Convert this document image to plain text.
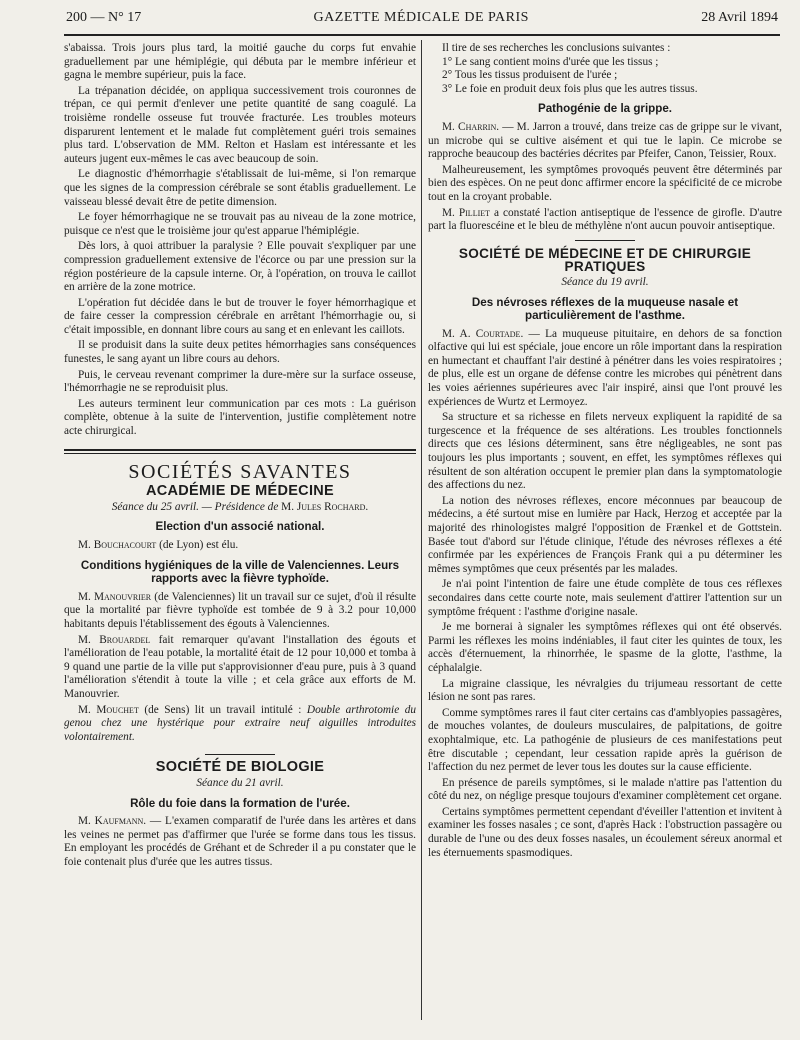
200 — N° 17	GAZETTE MÉDICALE DE PARIS	28 Avril 1894

s'abaissa. Trois jours plus tard, la moitié gauche du corps fut envahie graduellement par une hémiplégie, qui débuta par le membre inférieur et gagna le membre supérieur, puis la face.

La trépanation décidée, on appliqua successivement trois couronnes de trépan, ce qui permit d'enlever une petite quantité de sang coagulé. La troisième rondelle osseuse fut trouvée fracturée. Les troubles moteurs disparurent lentement et le malade fut complètement guéri trois semaines plus tard. L'observation de MM. Relton et Haslam est intéressante et les auteurs jugent eux-mêmes le cas avec beaucoup de soin.

Le diagnostic d'hémorrhagie s'établissait de lui-même, si l'on remarque que les signes de la compression cérébrale se sont établis graduellement. Le vaisseau blessé devait être de petite dimension.

Le foyer hémorrhagique ne se trouvait pas au niveau de la zone motrice, puisque ce n'est que le troisième jour qu'est apparue l'hémiplégie.

Dès lors, à quoi attribuer la paralysie ? Elle pouvait s'expliquer par une compression graduellement extensive de l'écorce ou par une pression sur la région postérieure de la capsule interne. Or, à l'opération, on trouva le caillot en arrière de la zone motrice.

L'opération fut décidée dans le but de trouver le foyer hémorrhagique et de faire cesser la compression cérébrale en arrêtant l'hémorrhagie ou, si c'était impossible, en donnant libre cours au sang et en enlevant les caillots.

Il se produisit dans la suite deux petites hémorrhagies sans conséquences funestes, le sang ayant un libre cours au dehors.

Puis, le cerveau revenant comprimer la dure-mère sur la surface osseuse, l'hémorrhagie ne se reproduisit plus.

Les auteurs terminent leur communication par ces mots : La guérison complète, obtenue à la suite de l'intervention, justifie complètement notre acte chirurgical.

SOCIÉTÉS SAVANTES
ACADÉMIE DE MÉDECINE
Séance du 25 avril. — Présidence de M. Jules Rochard.
Election d'un associé national.

M. Bouchacourt (de Lyon) est élu.

Conditions hygiéniques de la ville de Valenciennes. Leurs rapports avec la fièvre typhoïde.

M. Manouvrier (de Valenciennes) lit un travail sur ce sujet, d'où il résulte que la mortalité par fièvre typhoïde est tombée de 9 à 3.2 pour 10,000 habitants depuis l'établissement des égouts à Valenciennes.

M. Brouardel fait remarquer qu'avant l'installation des égouts et l'amélioration de l'eau potable, la mortalité était de 12 pour 10,000 et tomba à 9 quand une partie de la ville put s'approvisionner d'eau pure, puis à 3 quand l'amélioration s'étendit à toute la ville ; et cela grâce aux efforts de M. Manouvrier.

M. Mouchet (de Sens) lit un travail intitulé : Double arthrotomie du genou chez une hystérique pour extraire neuf aiguilles introduites volontairement.

SOCIÉTÉ DE BIOLOGIE
Séance du 21 avril.
Rôle du foie dans la formation de l'urée.

M. Kaufmann. — L'examen comparatif de l'urée dans les artères et dans les veines ne permet pas d'affirmer que l'urée se forme dans tous les tissus. En employant les procédés de Gréhant et de Schreder il a pu constater que le foie contenait plus d'urée que les autres tissus.

Il tire de ses recherches les conclusions suivantes :

1° Le sang contient moins d'urée que les tissus ;

2° Tous les tissus produisent de l'urée ;

3° Le foie en produit deux fois plus que les autres tissus.

Pathogénie de la grippe.

M. Charrin. — M. Jarron a trouvé, dans treize cas de grippe sur le vivant, un microbe qui se cultive aisément et qui tue le lapin. Ce microbe se rapproche beaucoup des bactéries décrites par Pfeifer, Canon, Teissier, Roux.

Malheureusement, les symptômes provoqués peuvent être déterminés par bien des espèces. On ne peut donc affirmer encore la spécificité de ce microbe tout en la croyant probable.

M. Pilliet a constaté l'action antiseptique de l'essence de girofle. D'autre part la fluorescéine et le bleu de méthylène n'ont aucun pouvoir antiseptique.

SOCIÉTÉ DE MÉDECINE ET DE CHIRURGIE PRATIQUES
Séance du 19 avril.
Des névroses réflexes de la muqueuse nasale et particulièrement de l'asthme.

M. A. Courtade. — La muqueuse pituitaire, en dehors de sa fonction olfactive qui lui est spéciale, joue encore un rôle important dans la respiration en humectant et chauffant l'air destiné à pénétrer dans les voies respiratoires ; de plus, elle est un organe de défense contre les microbes qui pénètrent dans les voies aériennes supérieures avec l'air inspiré, ainsi que l'ont prouvé les expériences de Wurtz et Lermoyez.

Sa structure et sa richesse en filets nerveux expliquent la rapidité de sa turgescence et la fréquence de ses altérations. Les troubles fonctionnels directs que ces lésions déterminent, sans être négligeables, ne sont pas toujours les plus importants ; souvent, en effet, les symptômes réflexes qui résultent de son altération occupent le premier plan dans la symptomatologie des affections du nez.

La notion des névroses réflexes, encore méconnues par beaucoup de médecins, a été surtout mise en lumière par Hack, Herzog et acceptée par la majorité des rhinologistes malgré l'opposition de Frænkel et de Gottstein. Basée tout d'abord sur l'étude clinique, l'étude des névroses réflexes a été confirmée par les expériences de François Frank qui a pu déterminer les mêmes symptômes que ceux présentés par les malades.

Je n'ai point l'intention de faire une étude complète de tous ces réflexes secondaires dans cette courte note, mais seulement d'attirer l'attention sur un symptôme fréquent : l'asthme d'origine nasale.

Je me bornerai à signaler les symptômes réflexes qui ont été observés. Parmi les réflexes les moins indéniables, il faut citer les quintes de toux, les accès d'éternuement, la rhinorrhée, le spasme de la glotte, l'asthme, la céphalalgie.

La migraine classique, les névralgies du trijumeau ressortant de cette lésion ne sont pas rares.

Comme symptômes rares il faut citer certains cas d'amblyopies passagères, de mouches volantes, de douleurs musculaires, de palpitations, de goitre exophtalmique, etc. La pathogénie de plusieurs de ces manifestations peut être discutable ; cependant, leur cessation rapide après la guérison de l'affection du nez permet de lever tous les doutes sur la cause efficiente.

En présence de pareils symptômes, si le malade n'attire pas l'attention du côté du nez, on néglige presque toujours d'examiner complètement cet organe.

Certains symptômes permettent cependant d'éveiller l'attention et invitent à examiner les fosses nasales ; ce sont, d'après Hack : l'obstruction passagère ou durable de l'une ou des deux fosses nasales, un écoulement séreux anormal et les éternuements spasmodiques.
